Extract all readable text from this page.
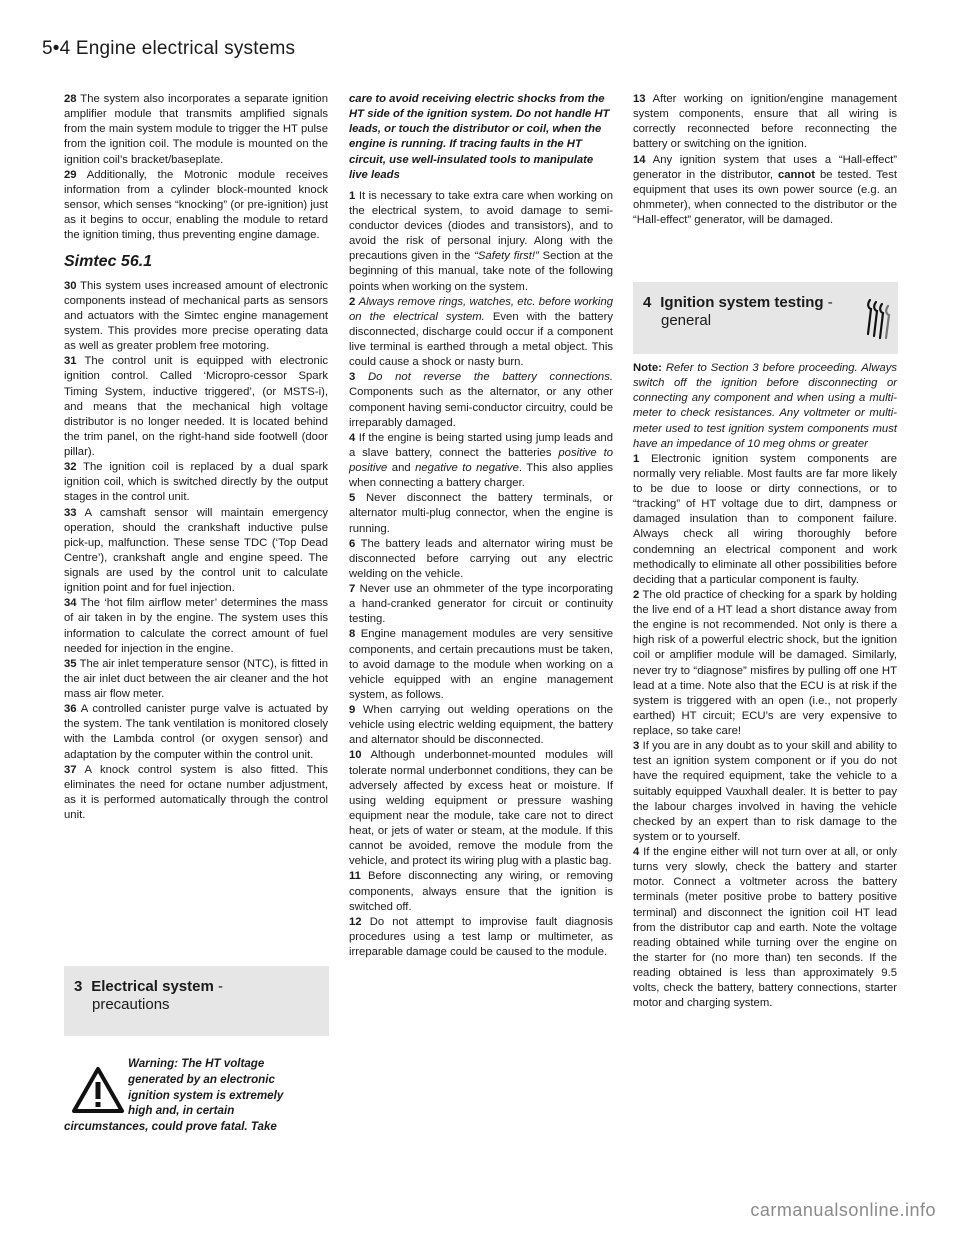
5•4 Engine electrical systems

28 The system also incorporates a separate ignition amplifier module that transmits amplified signals from the main system module to trigger the HT pulse from the ignition coil. The module is mounted on the ignition coil’s bracket/baseplate.

29 Additionally, the Motronic module receives information from a cylinder block-mounted knock sensor, which senses “knocking” (or pre-ignition) just as it begins to occur, enabling the module to retard the ignition timing, thus preventing engine damage.

Simtec 56.1

30 This system uses increased amount of electronic components instead of mechanical parts as sensors and actuators with the Simtec engine management system. This provides more precise operating data as well as greater problem free motoring.

31 The control unit is equipped with electronic ignition control. Called ‘Micropro-cessor Spark Timing System, inductive triggered’, (or MSTS-i), and means that the mechanical high voltage distributor is no longer needed. It is located behind the trim panel, on the right-hand side footwell (door pillar).

32 The ignition coil is replaced by a dual spark ignition coil, which is switched directly by the output stages in the control unit.

33 A camshaft sensor will maintain emergency operation, should the crankshaft inductive pulse pick-up, malfunction. These sense TDC (‘Top Dead Centre’), crankshaft angle and engine speed. The signals are used by the control unit to calculate ignition point and for fuel injection.

34 The ‘hot film airflow meter’ determines the mass of air taken in by the engine. The system uses this information to calculate the correct amount of fuel needed for injection in the engine.

35 The air inlet temperature sensor (NTC), is fitted in the air inlet duct between the air cleaner and the hot mass air flow meter.

36 A controlled canister purge valve is actuated by the system. The tank ventilation is monitored closely with the Lambda control (or oxygen sensor) and adaptation by the computer within the control unit.

37 A knock control system is also fitted. This eliminates the need for octane number adjustment, as it is performed automatically through the control unit.

3 Electrical system -
precautions
Warning: The HT voltage
generated by an electronic
ignition system is extremely
high and, in certain
circumstances, could prove fatal. Take

care to avoid receiving electric shocks from the HT side of the ignition system. Do not handle HT leads, or touch the distributor or coil, when the engine is running. If tracing faults in the HT circuit, use well-insulated tools to manipulate live leads

1 It is necessary to take extra care when working on the electrical system, to avoid damage to semi-conductor devices (diodes and transistors), and to avoid the risk of personal injury. Along with the precautions given in the “Safety first!” Section at the beginning of this manual, take note of the following points when working on the system.

2 Always remove rings, watches, etc. before working on the electrical system. Even with the battery disconnected, discharge could occur if a component live terminal is earthed through a metal object. This could cause a shock or nasty burn.

3 Do not reverse the battery connections. Components such as the alternator, or any other component having semi-conductor circuitry, could be irreparably damaged.

4 If the engine is being started using jump leads and a slave battery, connect the batteries positive to positive and negative to negative. This also applies when connecting a battery charger.

5 Never disconnect the battery terminals, or alternator multi-plug connector, when the engine is running.

6 The battery leads and alternator wiring must be disconnected before carrying out any electric welding on the vehicle.

7 Never use an ohmmeter of the type incorporating a hand-cranked generator for circuit or continuity testing.

8 Engine management modules are very sensitive components, and certain precautions must be taken, to avoid damage to the module when working on a vehicle equipped with an engine management system, as follows.

9 When carrying out welding operations on the vehicle using electric welding equipment, the battery and alternator should be disconnected.

10 Although underbonnet-mounted modules will tolerate normal underbonnet conditions, they can be adversely affected by excess heat or moisture. If using welding equipment or pressure washing equipment near the module, take care not to direct heat, or jets of water or steam, at the module. If this cannot be avoided, remove the module from the vehicle, and protect its wiring plug with a plastic bag.

11 Before disconnecting any wiring, or removing components, always ensure that the ignition is switched off.

12 Do not attempt to improvise fault diagnosis procedures using a test lamp or multimeter, as irreparable damage could be caused to the module.

13 After working on ignition/engine management system components, ensure that all wiring is correctly reconnected before reconnecting the battery or switching on the ignition.

14 Any ignition system that uses a “Hall-effect” generator in the distributor, cannot be tested. Test equipment that uses its own power source (e.g. an ohmmeter), when connected to the distributor or the “Hall-effect” generator, will be damaged.

4 Ignition system testing -
general

Note: Refer to Section 3 before proceeding. Always switch off the ignition before disconnecting or connecting any component and when using a multi-meter to check resistances. Any voltmeter or multi-meter used to test ignition system components must have an impedance of 10 meg ohms or greater

1 Electronic ignition system components are normally very reliable. Most faults are far more likely to be due to loose or dirty connections, or to “tracking” of HT voltage due to dirt, dampness or damaged insulation than to component failure. Always check all wiring thoroughly before condemning an electrical component and work methodically to eliminate all other possibilities before deciding that a particular component is faulty.

2 The old practice of checking for a spark by holding the live end of a HT lead a short distance away from the engine is not recommended. Not only is there a high risk of a powerful electric shock, but the ignition coil or amplifier module will be damaged. Similarly, never try to “diagnose” misfires by pulling off one HT lead at a time. Note also that the ECU is at risk if the system is triggered with an open (i.e., not properly earthed) HT circuit; ECU’s are very expensive to replace, so take care!

3 If you are in any doubt as to your skill and ability to test an ignition system component or if you do not have the required equipment, take the vehicle to a suitably equipped Vauxhall dealer. It is better to pay the labour charges involved in having the vehicle checked by an expert than to risk damage to the system or to yourself.

4 If the engine either will not turn over at all, or only turns very slowly, check the battery and starter motor. Connect a voltmeter across the battery terminals (meter positive probe to battery positive terminal) and disconnect the ignition coil HT lead from the distributor cap and earth. Note the voltage reading obtained while turning over the engine on the starter for (no more than) ten seconds. If the reading obtained is less than approximately 9.5 volts, check the battery, battery connections, starter motor and charging system.

carmanualsonline.info
